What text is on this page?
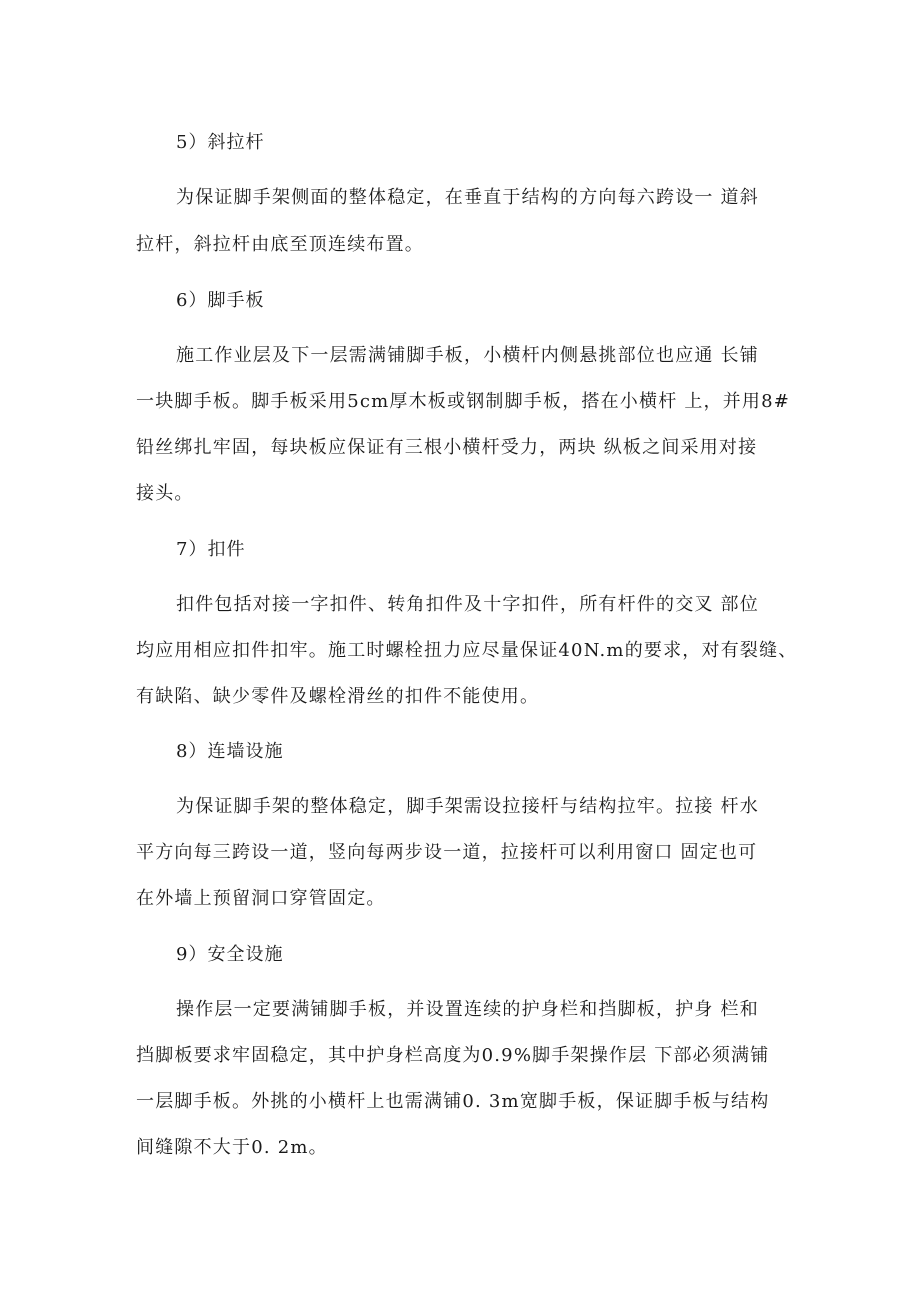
5）斜拉杆
为保证脚手架侧面的整体稳定，在垂直于结构的方向每六跨设一 道斜
拉杆，斜拉杆由底至顶连续布置。
6）脚手板
施工作业层及下一层需满铺脚手板，小横杆内侧悬挑部位也应通 长铺
一块脚手板。脚手板采用5cm厚木板或钢制脚手板，搭在小横杆 上，并用8#
铅丝绑扎牢固，每块板应保证有三根小横杆受力，两块 纵板之间采用对接
接头。
7）扣件
扣件包括对接一字扣件、转角扣件及十字扣件，所有杆件的交叉 部位
均应用相应扣件扣牢。施工时螺栓扭力应尽量保证40N.m的要求，对有裂缝、
有缺陷、缺少零件及螺栓滑丝的扣件不能使用。
8）连墙设施
为保证脚手架的整体稳定，脚手架需设拉接杆与结构拉牢。拉接 杆水
平方向每三跨设一道，竖向每两步设一道，拉接杆可以利用窗口 固定也可
在外墙上预留洞口穿管固定。
9）安全设施
操作层一定要满铺脚手板，并设置连续的护身栏和挡脚板，护身 栏和
挡脚板要求牢固稳定，其中护身栏高度为0.9%脚手架操作层 下部必须满铺
一层脚手板。外挑的小横杆上也需满铺0. 3m宽脚手板，保证脚手板与结构
间缝隙不大于0. 2m。
